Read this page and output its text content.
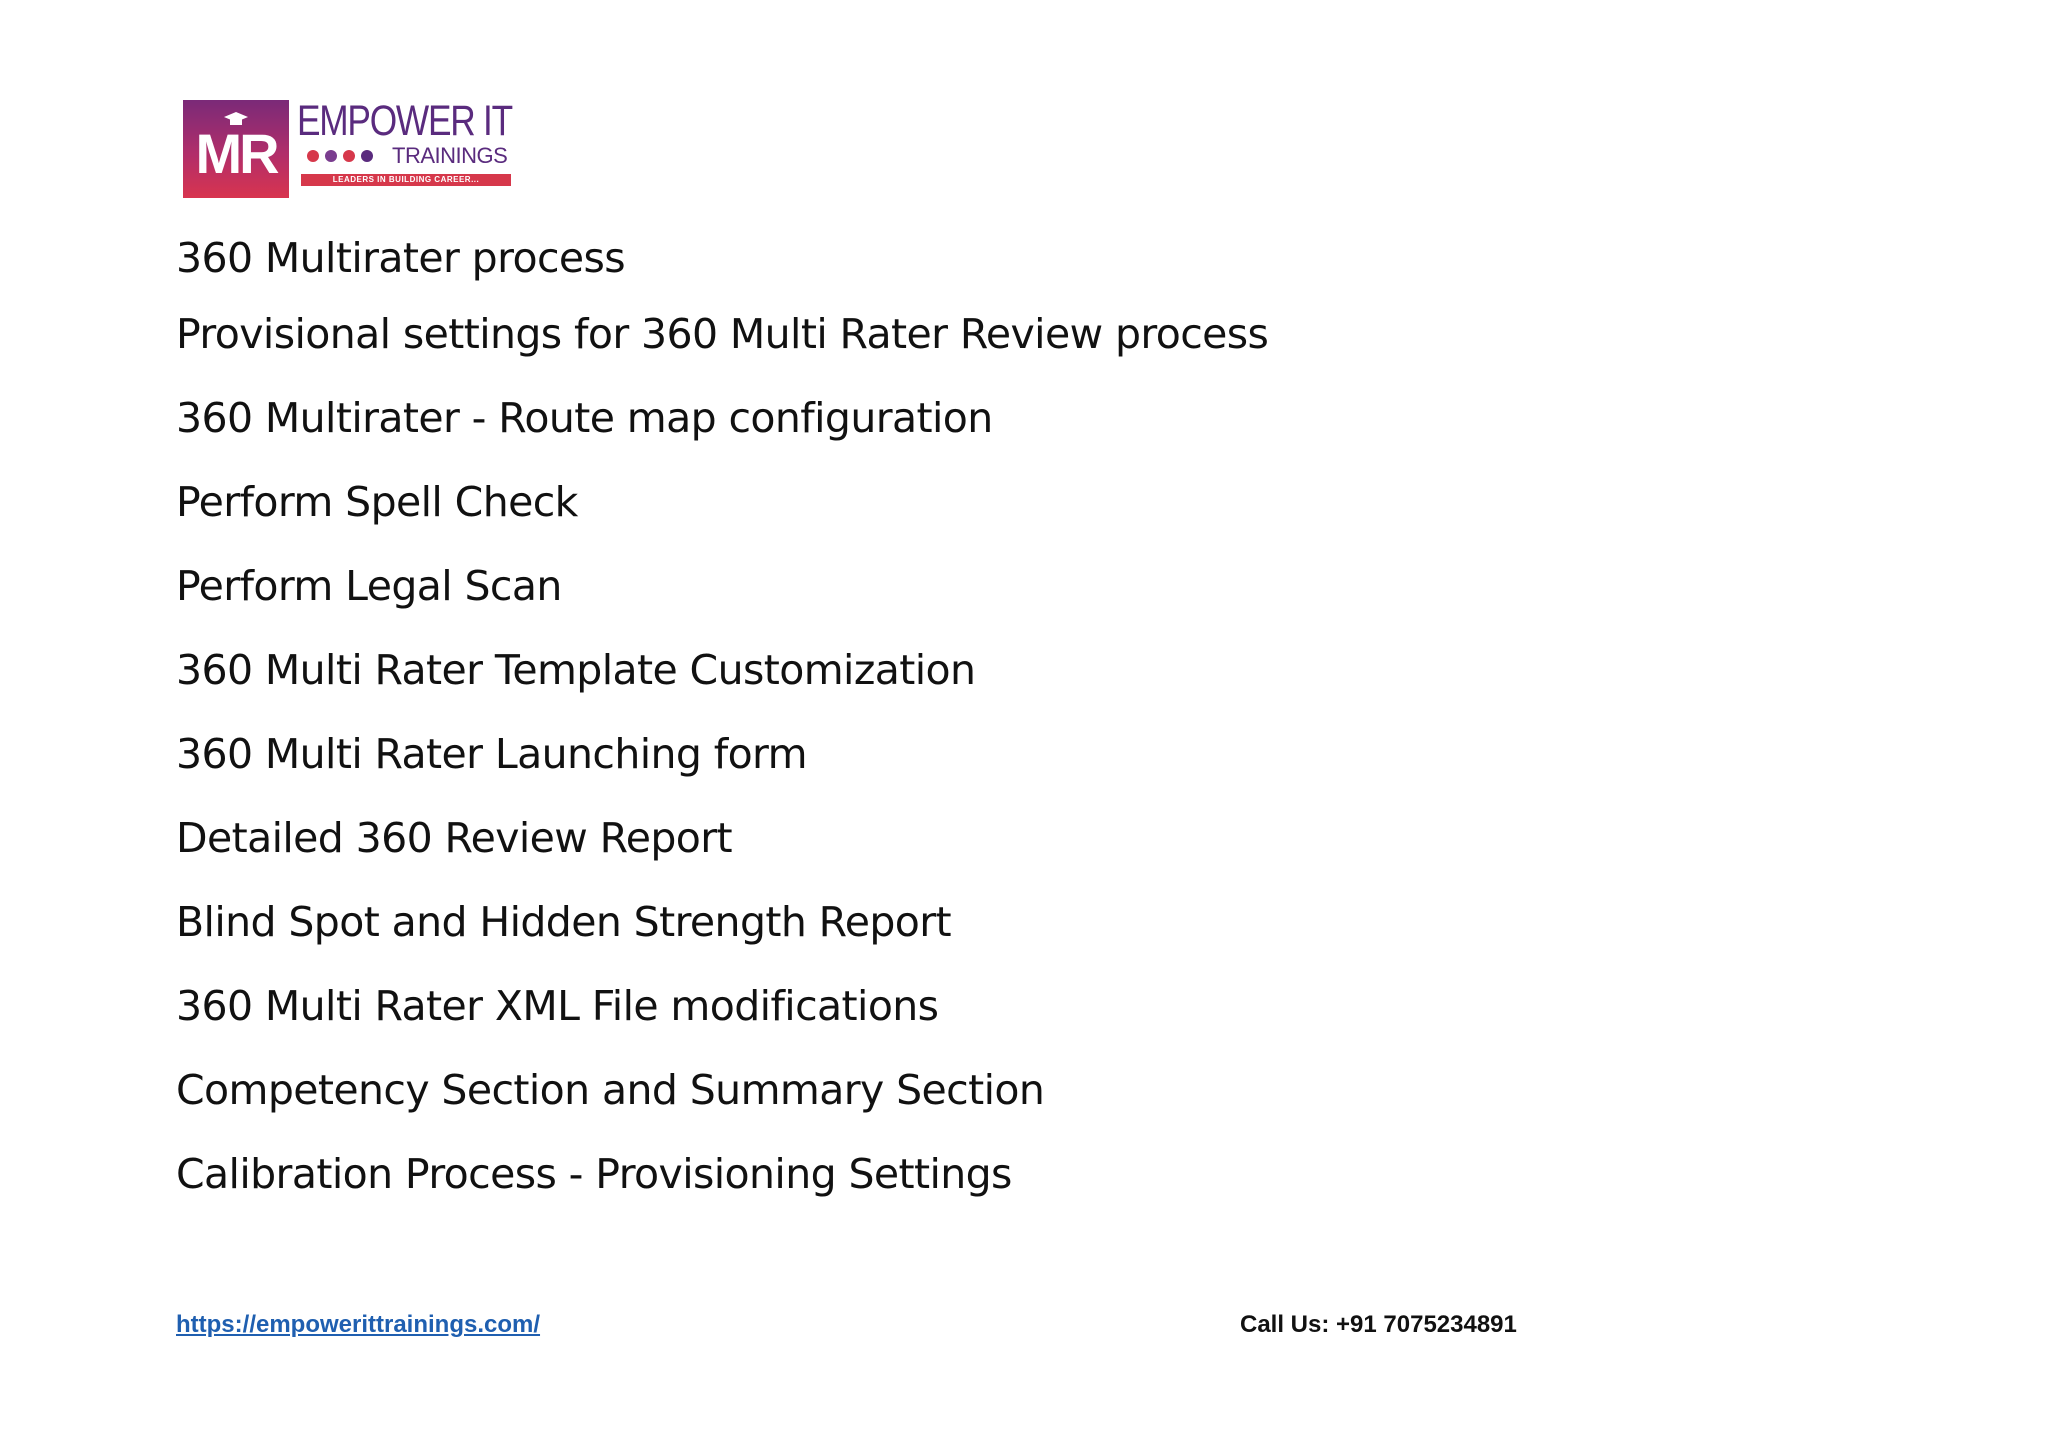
MR
EMPOWER IT
TRAININGS
LEADERS IN BUILDING CAREER...
360 Multirater process
Provisional settings for 360 Multi Rater Review process
360 Multirater - Route map configuration
Perform Spell Check
Perform Legal Scan
360 Multi Rater Template Customization
360 Multi Rater Launching form
Detailed 360 Review Report
Blind Spot and Hidden Strength Report
360 Multi Rater XML File modifications
Competency Section and Summary Section
Calibration Process - Provisioning Settings
https://empowerittrainings.com/	Call Us: +91 7075234891
